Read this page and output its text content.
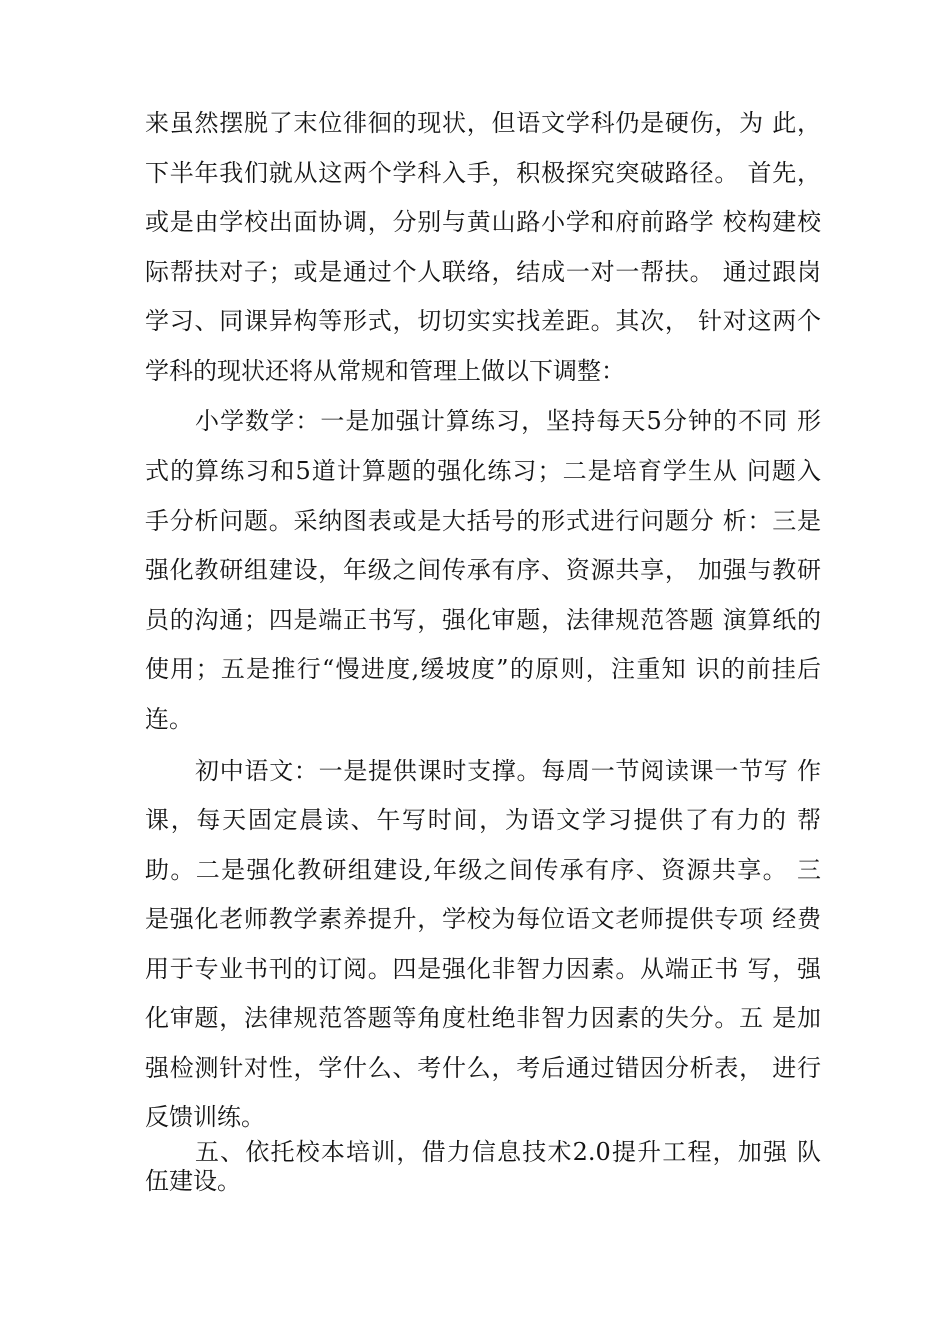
来虽然摆脱了末位徘徊的现状，但语文学科仍是硬伤，为 此，
下半年我们就从这两个学科入手，积极探究突破路径。 首先，
或是由学校出面协调，分别与黄山路小学和府前路学 校构建校
际帮扶对子；或是通过个人联络，结成一对一帮扶。 通过跟岗
学习、同课异构等形式，切切实实找差距。其次， 针对这两个
学科的现状还将从常规和管理上做以下调整：
小学数学：一是加强计算练习，坚持每天5分钟的不同 形
式的算练习和5道计算题的强化练习；二是培育学生从 问题入
手分析问题。采纳图表或是大括号的形式进行问题分 析：三是
强化教研组建设，年级之间传承有序、资源共享， 加强与教研
员的沟通；四是端正书写，强化审题，法律规范答题 演算纸的
使用；五是推行“慢进度,缓坡度”的原则，注重知 识的前挂后
连。
初中语文：一是提供课时支撑。每周一节阅读课一节写 作
课，每天固定晨读、午写时间，为语文学习提供了有力的 帮
助。二是强化教研组建设,年级之间传承有序、资源共享。 三
是强化老师教学素养提升，学校为每位语文老师提供专项 经费
用于专业书刊的订阅。四是强化非智力因素。从端正书 写，强
化审题，法律规范答题等角度杜绝非智力因素的失分。五 是加
强检测针对性，学什么、考什么，考后通过错因分析表， 进行
反馈训练。
五、依托校本培训，借力信息技术2.0提升工程，加强 队
伍建设。
